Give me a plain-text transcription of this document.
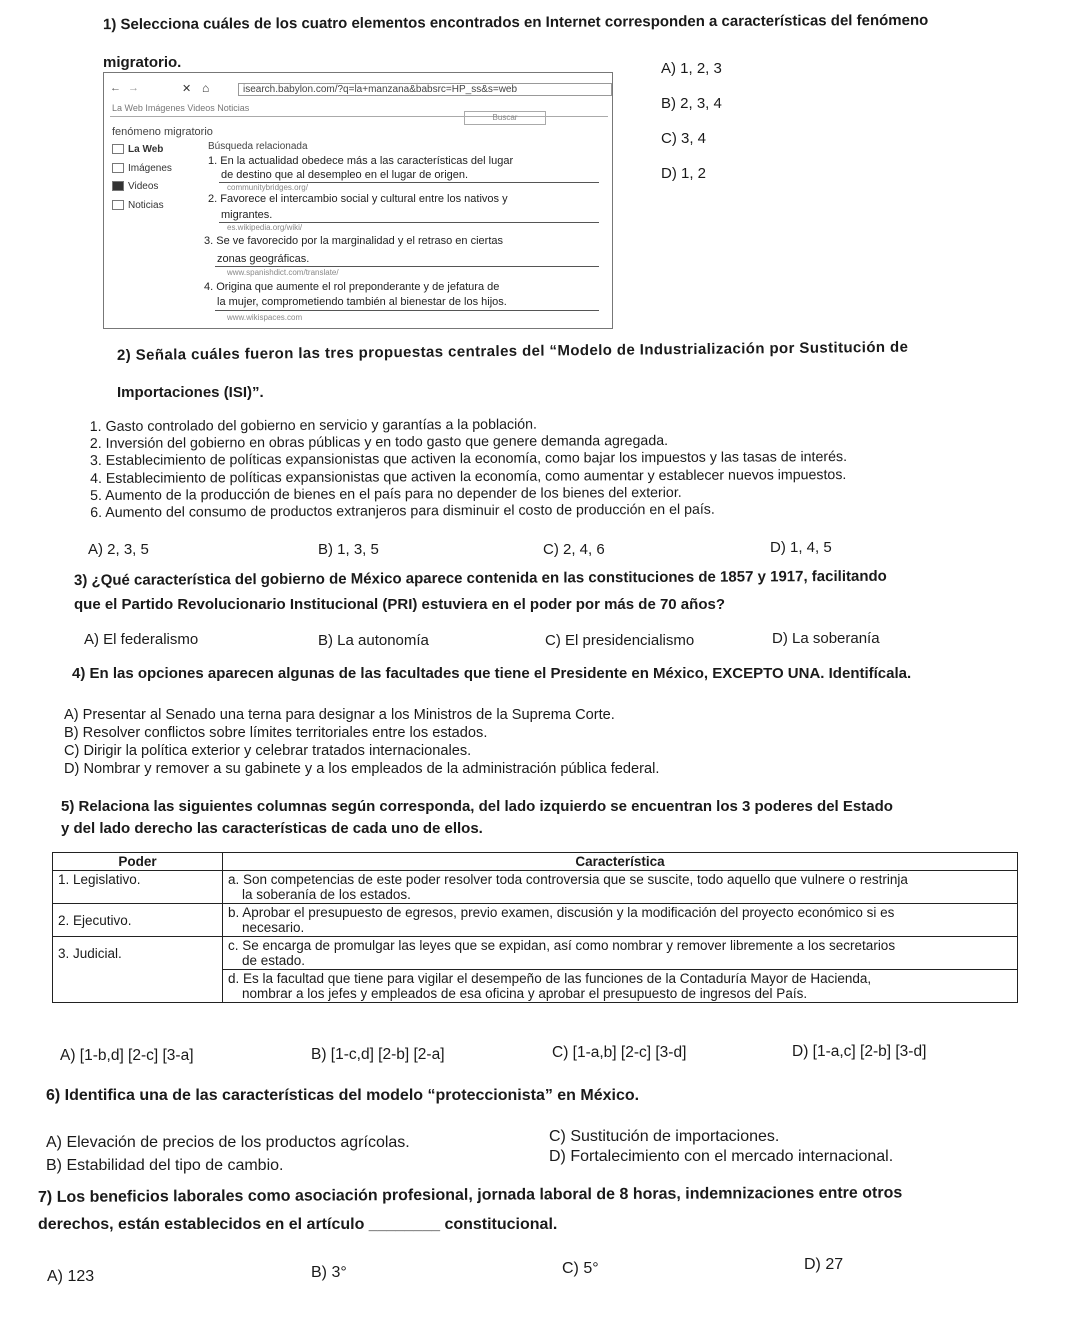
1) Selecciona cuáles de los cuatro elementos encontrados en Internet corresponden a características del fenómeno
migratorio.
← →	✕ ⌂	isearch.babylon.com/?q=la+manzana&babsrc=HP_ss&s=web
La Web Imágenes Videos Noticias
fenómeno migratorio
Buscar
La Web
Imágenes
Videos
Noticias
Búsqueda relacionada
1. En la actualidad obedece más a las características del lugar
de destino que al desempleo en el lugar de origen.
communitybridges.org/
2. Favorece el intercambio social y cultural entre los nativos y
migrantes.
es.wikipedia.org/wiki/
3. Se ve favorecido por la marginalidad y el retraso en ciertas
zonas geográficas.
www.spanishdict.com/translate/
4. Origina que aumente el rol preponderante y de jefatura de
la mujer, comprometiendo también al bienestar de los hijos.
www.wikispaces.com
A) 1, 2, 3
B) 2, 3, 4
C) 3, 4
D) 1, 2
2) Señala cuáles fueron las tres propuestas centrales del “Modelo de Industrialización por Sustitución de
Importaciones (ISI)”.
1. Gasto controlado del gobierno en servicio y garantías a la población.
2. Inversión del gobierno en obras públicas y en todo gasto que genere demanda agregada.
3. Establecimiento de políticas expansionistas que activen la economía, como bajar los impuestos y las tasas de interés.
4. Establecimiento de políticas expansionistas que activen la economía, como aumentar y establecer nuevos impuestos.
5. Aumento de la producción de bienes en el país para no depender de los bienes del exterior.
6. Aumento del consumo de productos extranjeros para disminuir el costo de producción en el país.
A) 2, 3, 5	B) 1, 3, 5	C) 2, 4, 6	D) 1, 4, 5
3) ¿Qué característica del gobierno de México aparece contenida en las constituciones de 1857 y 1917, facilitando
que el Partido Revolucionario Institucional (PRI) estuviera en el poder por más de 70 años?
A) El federalismo	B) La autonomía	C) El presidencialismo	D) La soberanía
4) En las opciones aparecen algunas de las facultades que tiene el Presidente en México, EXCEPTO UNA. Identifícala.
A) Presentar al Senado una terna para designar a los Ministros de la Suprema Corte.
B) Resolver conflictos sobre límites territoriales entre los estados.
C) Dirigir la política exterior y celebrar tratados internacionales.
D) Nombrar y remover a su gabinete y a los empleados de la administración pública federal.
5) Relaciona las siguientes columnas según corresponda, del lado izquierdo se encuentran los 3 poderes del Estado
y del lado derecho las características de cada uno de ellos.
Poder	Característica
1. Legislativo.	a. Son competencias de este poder resolver toda controversia que se suscite, todo aquello que vulnere o restrinja
la soberanía de los estados.

2. Ejecutivo.	b. Aprobar el presupuesto de egresos, previo examen, discusión y la modificación del proyecto económico si es
necesario.

3. Judicial.	c. Se encarga de promulgar las leyes que se expidan, así como nombrar y remover libremente a los secretarios
de estado.

	d. Es la facultad que tiene para vigilar el desempeño de las funciones de la Contaduría Mayor de Hacienda,
nombrar a los jefes y empleados de esa oficina y aprobar el presupuesto de ingresos del País.
A) [1-b,d] [2-c] [3-a]	B) [1-c,d] [2-b] [2-a]	C) [1-a,b] [2-c] [3-d]	D) [1-a,c] [2-b] [3-d]
6) Identifica una de las características del modelo “proteccionista” en México.
A) Elevación de precios de los productos agrícolas.
B) Estabilidad del tipo de cambio.
C) Sustitución de importaciones.
D) Fortalecimiento con el mercado internacional.
7) Los beneficios laborales como asociación profesional, jornada laboral de 8 horas, indemnizaciones entre otros
derechos, están establecidos en el artículo ________ constitucional.
A) 123	B) 3°	C) 5°	D) 27
